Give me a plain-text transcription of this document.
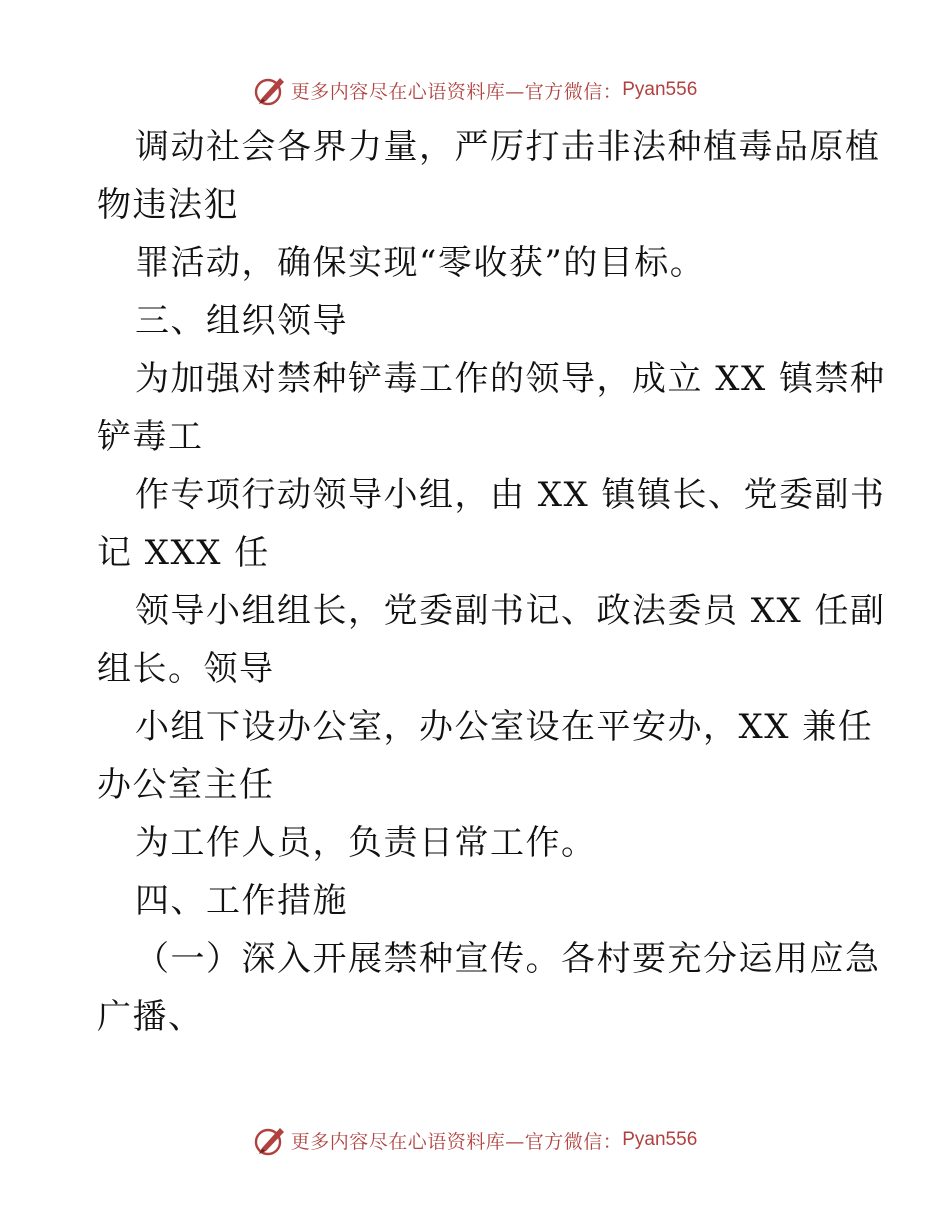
更多内容尽在心语资料库—官方微信： Pyan556
调动社会各界力量，严厉打击非法种植毒品原植
物违法犯
罪活动，确保实现“零收获”的目标。
三、组织领导
为加强对禁种铲毒工作的领导，成立 XX 镇禁种
铲毒工
作专项行动领导小组，由 XX 镇镇长、党委副书
记 XXX 任
领导小组组长，党委副书记、政法委员 XX 任副
组长。领导
小组下设办公室，办公室设在平安办，XX 兼任
办公室主任
为工作人员，负责日常工作。
四、工作措施
（一）深入开展禁种宣传。各村要充分运用应急
广播、
更多内容尽在心语资料库—官方微信： Pyan556
